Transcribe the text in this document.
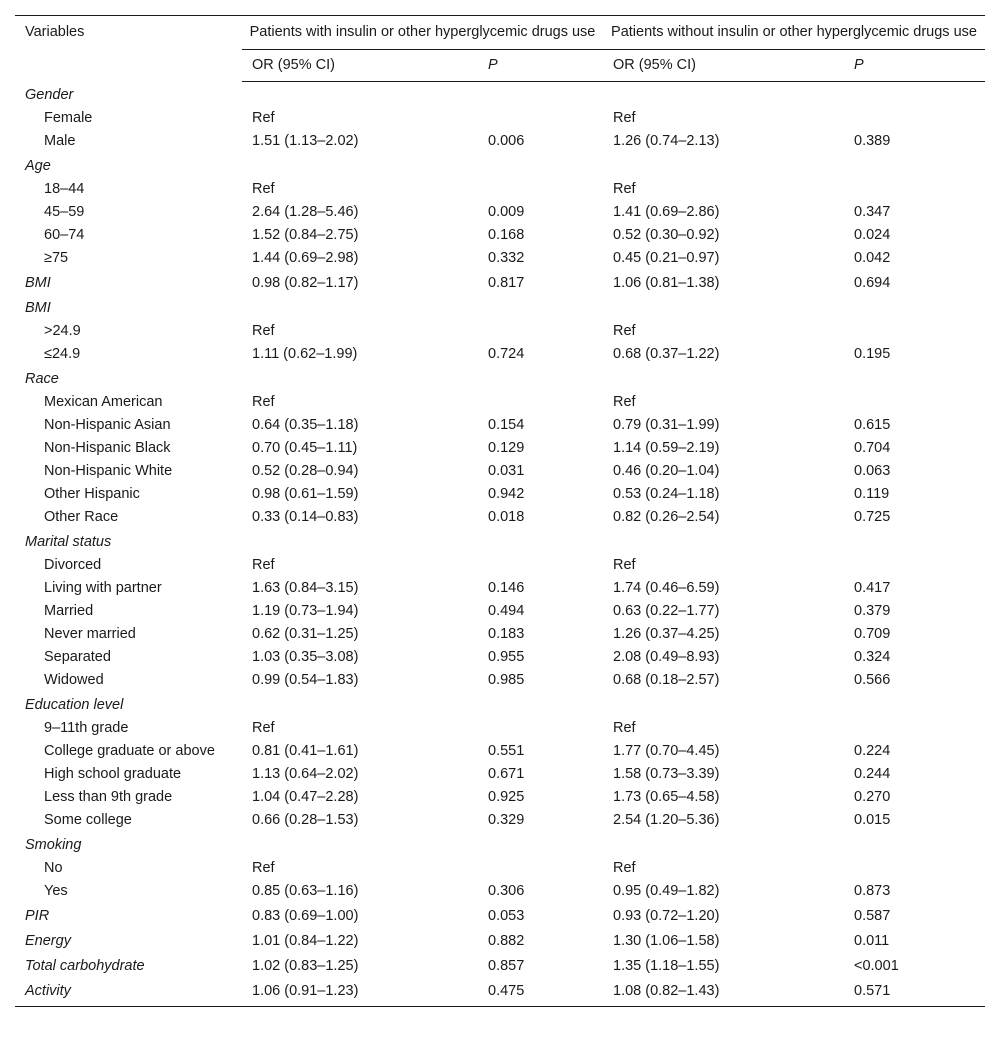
Variables	Patients with insulin or other hyperglycemic drugs use		Patients without insulin or other hyperglycemic drugs use	
	OR (95% CI)	P	OR (95% CI)	P
Gender				
Female	Ref		Ref	
Male	1.51 (1.13–2.02)	0.006	1.26 (0.74–2.13)	0.389
Age				
18–44	Ref		Ref	
45–59	2.64 (1.28–5.46)	0.009	1.41 (0.69–2.86)	0.347
60–74	1.52 (0.84–2.75)	0.168	0.52 (0.30–0.92)	0.024
≥75	1.44 (0.69–2.98)	0.332	0.45 (0.21–0.97)	0.042
BMI	0.98 (0.82–1.17)	0.817	1.06 (0.81–1.38)	0.694
BMI				
>24.9	Ref		Ref	
≤24.9	1.11 (0.62–1.99)	0.724	0.68 (0.37–1.22)	0.195
Race				
Mexican American	Ref		Ref	
Non-Hispanic Asian	0.64 (0.35–1.18)	0.154	0.79 (0.31–1.99)	0.615
Non-Hispanic Black	0.70 (0.45–1.11)	0.129	1.14 (0.59–2.19)	0.704
Non-Hispanic White	0.52 (0.28–0.94)	0.031	0.46 (0.20–1.04)	0.063
Other Hispanic	0.98 (0.61–1.59)	0.942	0.53 (0.24–1.18)	0.119
Other Race	0.33 (0.14–0.83)	0.018	0.82 (0.26–2.54)	0.725
Marital status				
Divorced	Ref		Ref	
Living with partner	1.63 (0.84–3.15)	0.146	1.74 (0.46–6.59)	0.417
Married	1.19 (0.73–1.94)	0.494	0.63 (0.22–1.77)	0.379
Never married	0.62 (0.31–1.25)	0.183	1.26 (0.37–4.25)	0.709
Separated	1.03 (0.35–3.08)	0.955	2.08 (0.49–8.93)	0.324
Widowed	0.99 (0.54–1.83)	0.985	0.68 (0.18–2.57)	0.566
Education level				
9–11th grade	Ref		Ref	
College graduate or above	0.81 (0.41–1.61)	0.551	1.77 (0.70–4.45)	0.224
High school graduate	1.13 (0.64–2.02)	0.671	1.58 (0.73–3.39)	0.244
Less than 9th grade	1.04 (0.47–2.28)	0.925	1.73 (0.65–4.58)	0.270
Some college	0.66 (0.28–1.53)	0.329	2.54 (1.20–5.36)	0.015
Smoking				
No	Ref		Ref	
Yes	0.85 (0.63–1.16)	0.306	0.95 (0.49–1.82)	0.873
PIR	0.83 (0.69–1.00)	0.053	0.93 (0.72–1.20)	0.587
Energy	1.01 (0.84–1.22)	0.882	1.30 (1.06–1.58)	0.011
Total carbohydrate	1.02 (0.83–1.25)	0.857	1.35 (1.18–1.55)	<0.001
Activity	1.06 (0.91–1.23)	0.475	1.08 (0.82–1.43)	0.571
